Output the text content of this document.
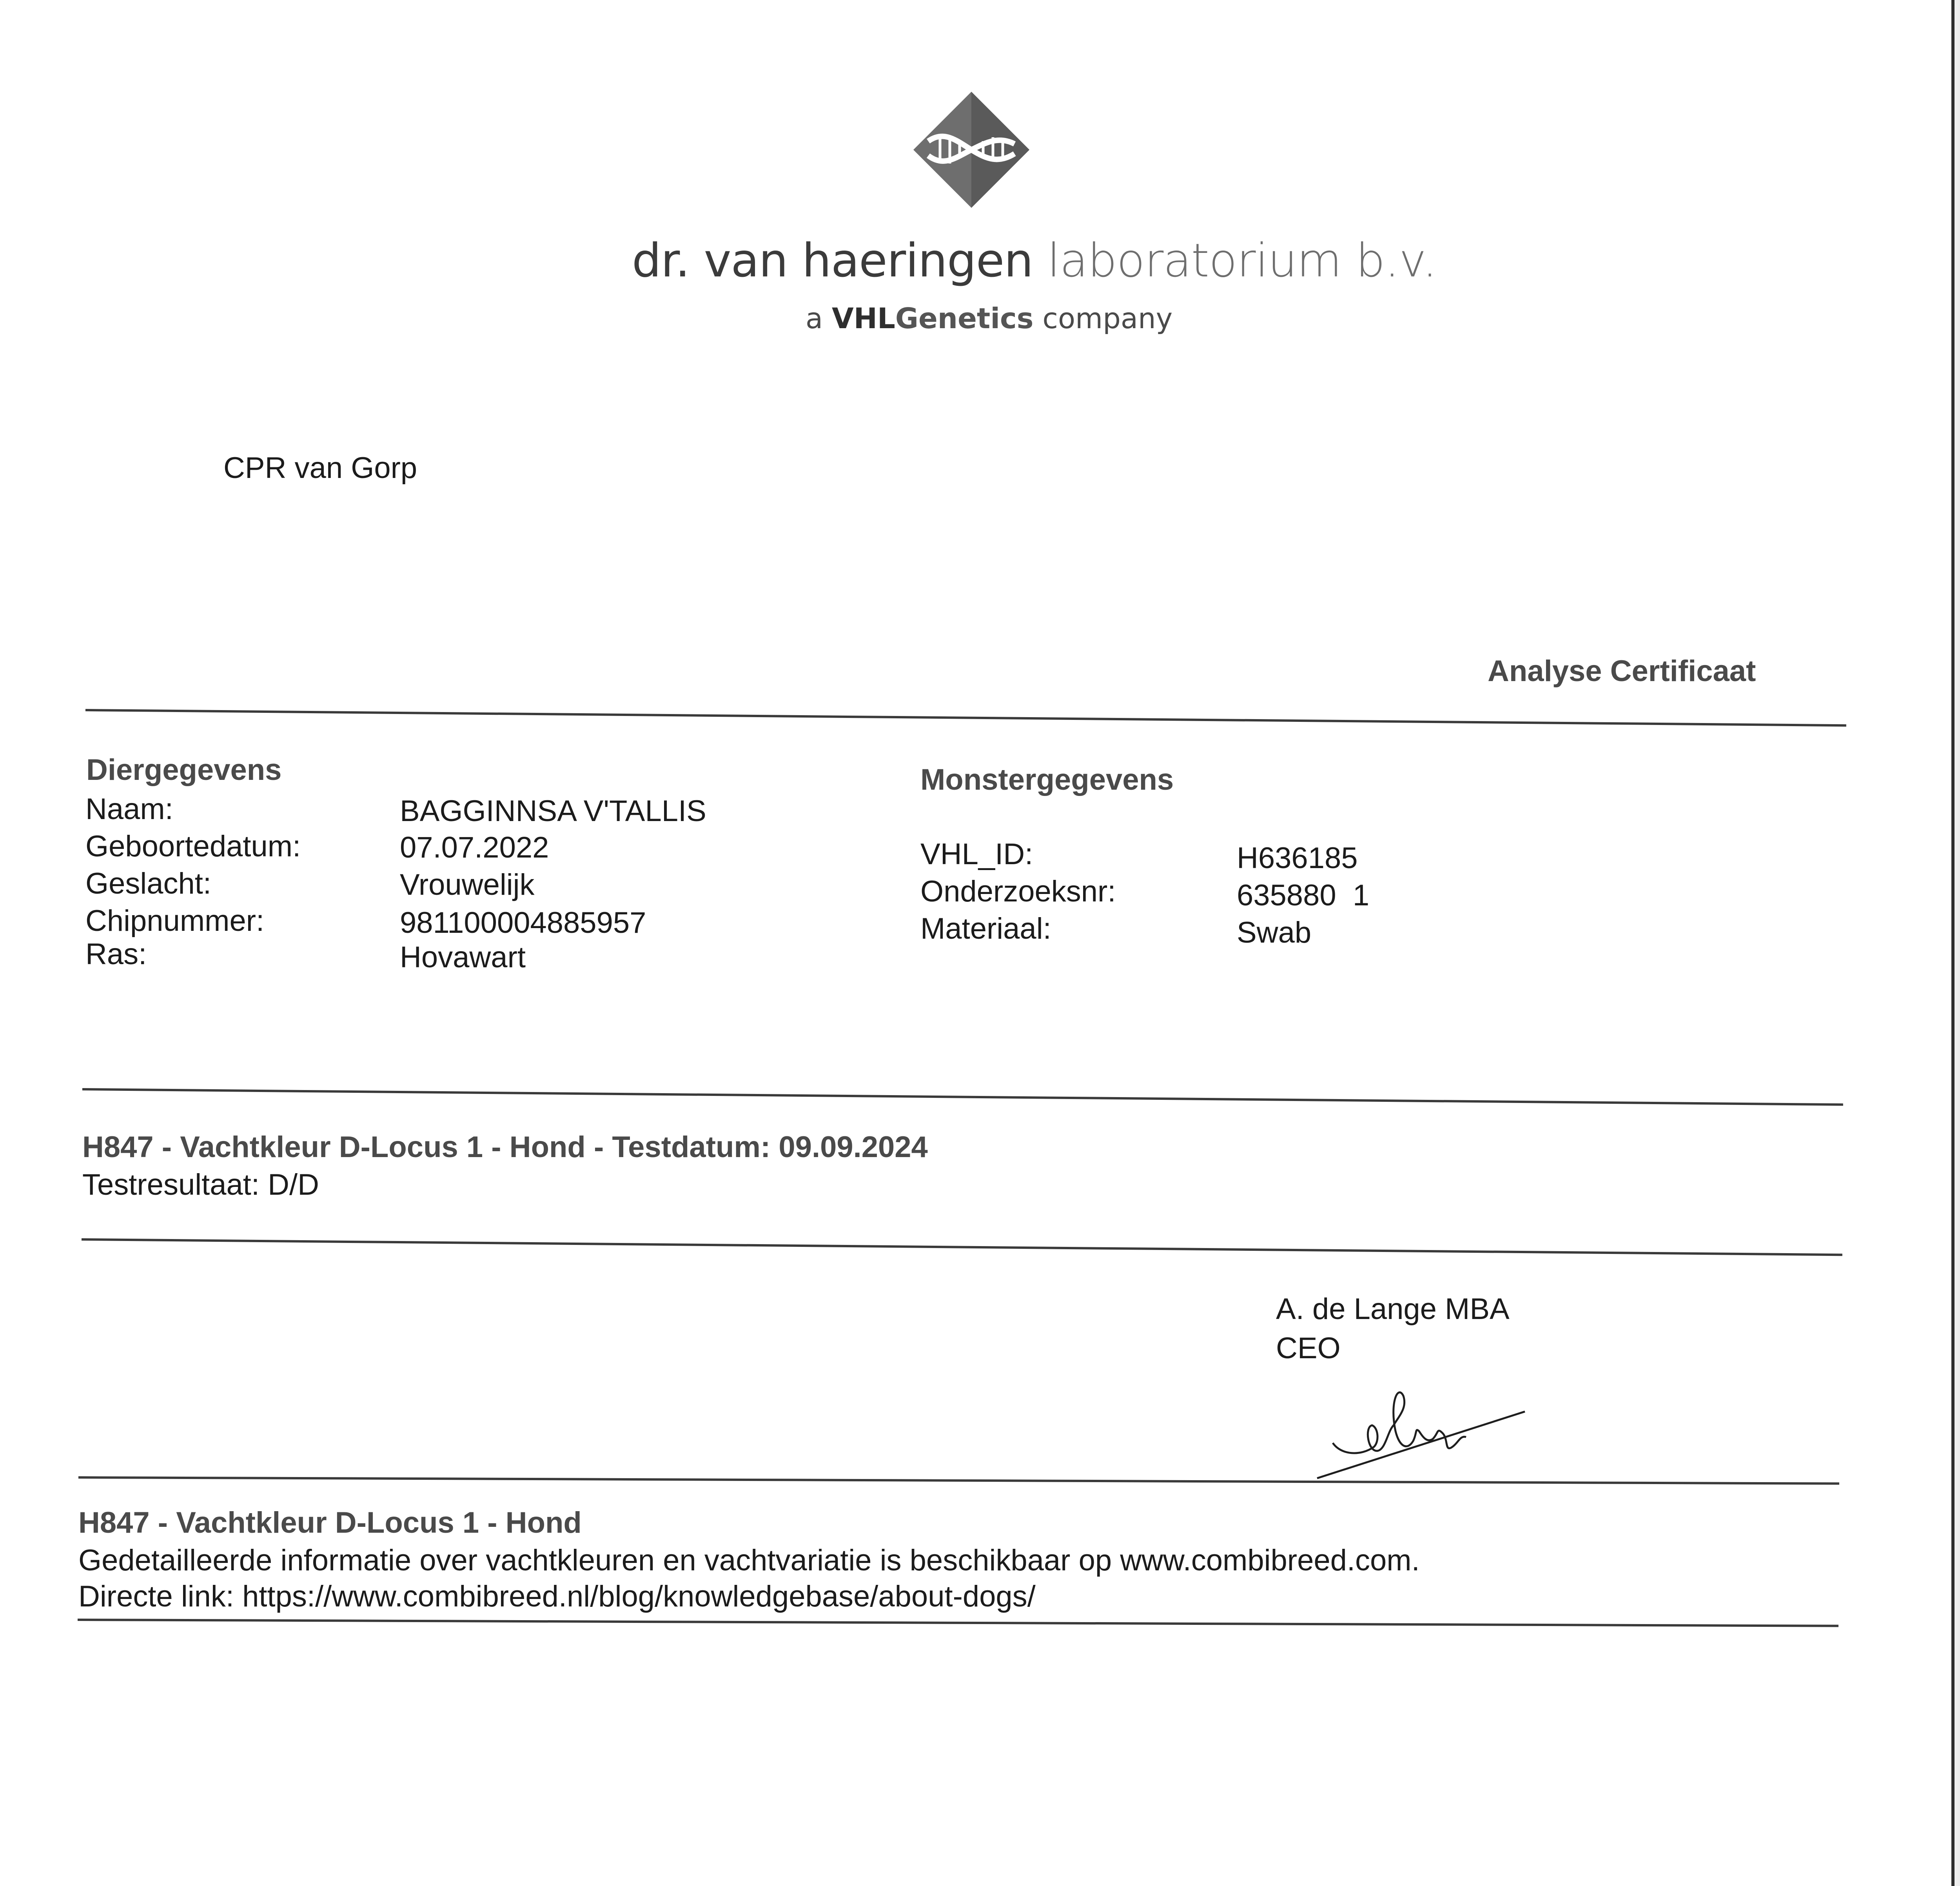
dr. van haeringen laboratorium b.v.
a VHLGenetics company
CPR van Gorp
Analyse Certificaat
Diergegevens
Naam:	BAGGINNSA V'TALLIS
Geboortedatum:	07.07.2022
Geslacht:	Vrouwelijk
Chipnummer:	981100004885957
Ras:	Hovawart
Monstergegevens
VHL_ID:	H636185
Onderzoeksnr:	635880  1
Materiaal:	Swab
H847 - Vachtkleur D-Locus 1 - Hond - Testdatum: 09.09.2024
Testresultaat: D/D
A. de Lange MBA
CEO
H847 - Vachtkleur D-Locus 1 - Hond
Gedetailleerde informatie over vachtkleuren en vachtvariatie is beschikbaar op www.combibreed.com.
Directe link: https://www.combibreed.nl/blog/knowledgebase/about-dogs/
